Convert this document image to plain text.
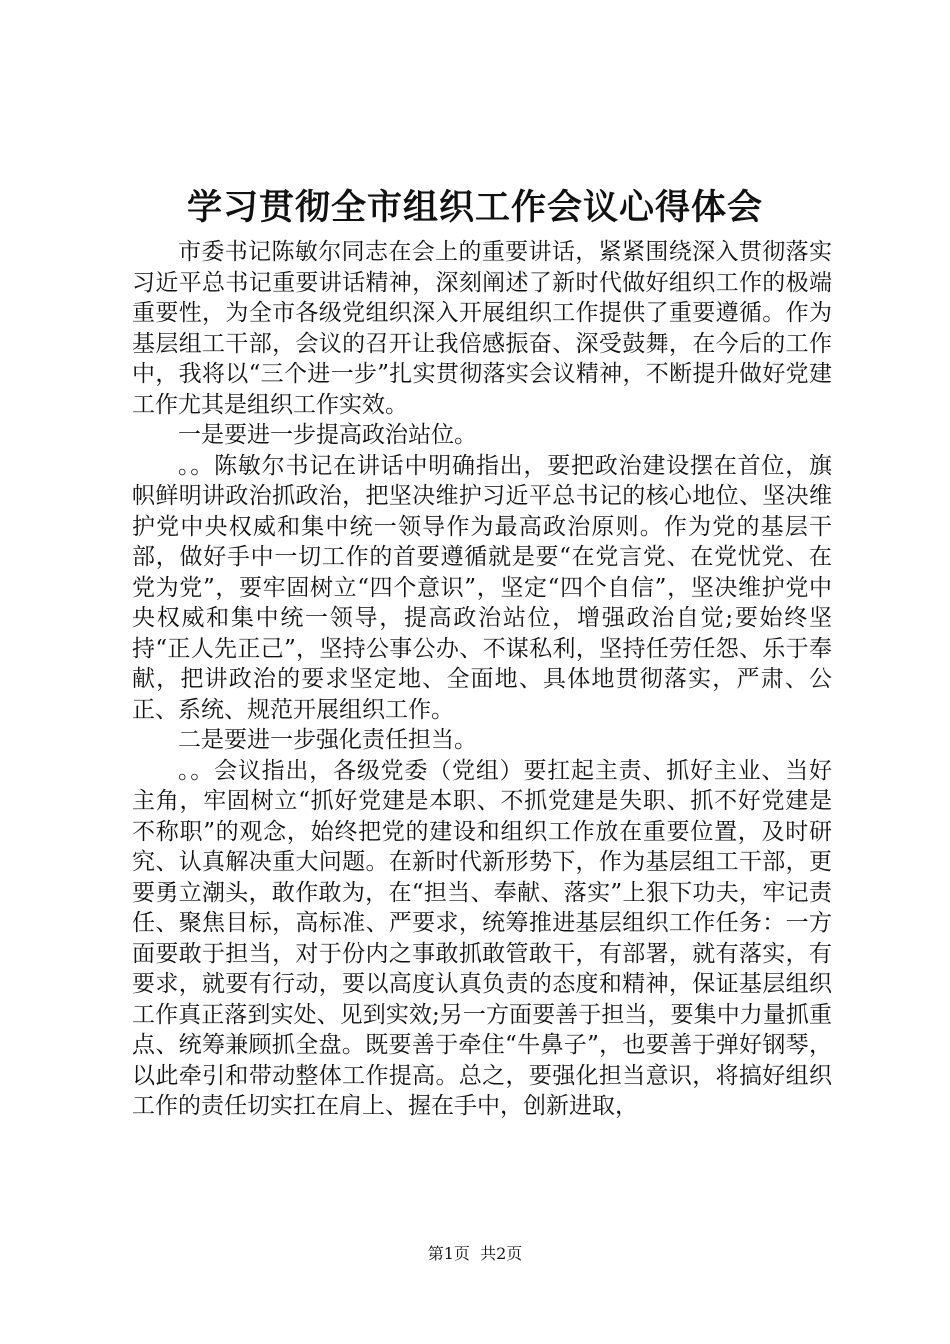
学习贯彻全市组织工作会议心得体会

市委书记陈敏尔同志在会上的重要讲话，紧紧围绕深入贯彻落实习近平总书记重要讲话精神，深刻阐述了新时代做好组织工作的极端重要性，为全市各级党组织深入开展组织工作提供了重要遵循。作为基层组工干部，会议的召开让我倍感振奋、深受鼓舞，在今后的工作中，我将以“三个进一步”扎实贯彻落实会议精神，不断提升做好党建工作尤其是组织工作实效。

一是要进一步提高政治站位。

。。陈敏尔书记在讲话中明确指出，要把政治建设摆在首位，旗帜鲜明讲政治抓政治，把坚决维护习近平总书记的核心地位、坚决维护党中央权威和集中统一领导作为最高政治原则。作为党的基层干部，做好手中一切工作的首要遵循就是要“在党言党、在党忧党、在党为党”，要牢固树立“四个意识”，坚定“四个自信”，坚决维护党中央权威和集中统一领导，提高政治站位，增强政治自觉;要始终坚持“正人先正己”，坚持公事公办、不谋私利，坚持任劳任怨、乐于奉献，把讲政治的要求坚定地、全面地、具体地贯彻落实，严肃、公正、系统、规范开展组织工作。

二是要进一步强化责任担当。

。。会议指出，各级党委（党组）要扛起主责、抓好主业、当好主角，牢固树立“抓好党建是本职、不抓党建是失职、抓不好党建是不称职”的观念，始终把党的建设和组织工作放在重要位置，及时研究、认真解决重大问题。在新时代新形势下，作为基层组工干部，更要勇立潮头，敢作敢为，在“担当、奉献、落实”上狠下功夫，牢记责任、聚焦目标，高标准、严要求，统筹推进基层组织工作任务：一方面要敢于担当，对于份内之事敢抓敢管敢干，有部署，就有落实，有要求，就要有行动，要以高度认真负责的态度和精神，保证基层组织工作真正落到实处、见到实效;另一方面要善于担当，要集中力量抓重点、统筹兼顾抓全盘。既要善于牵住“牛鼻子”，也要善于弹好钢琴，以此牵引和带动整体工作提高。总之，要强化担当意识，将搞好组织工作的责任切实扛在肩上、握在手中，创新进取，

第1页 共2页
